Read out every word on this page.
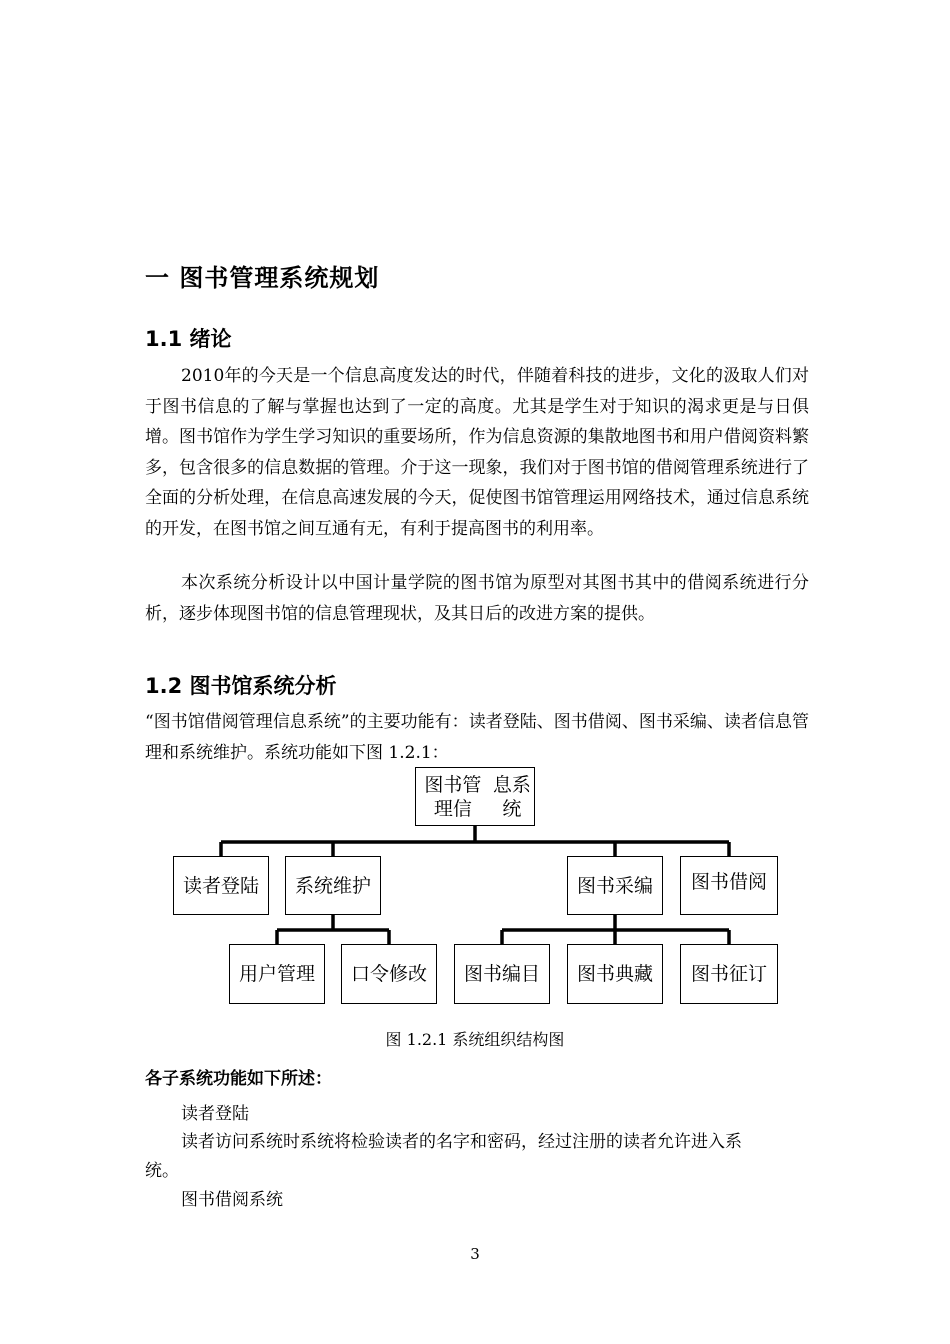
一 图书管理系统规划
1.1 绪论

2010年的今天是一个信息高度发达的时代，伴随着科技的进步，文化的汲取人们对于图书信息的了解与掌握也达到了一定的高度。尤其是学生对于知识的渴求更是与日俱增。图书馆作为学生学习知识的重要场所，作为信息资源的集散地图书和用户借阅资料繁多，包含很多的信息数据的管理。介于这一现象，我们对于图书馆的借阅管理系统进行了全面的分析处理，在信息高速发展的今天，促使图书馆管理运用网络技术，通过信息系统的开发，在图书馆之间互通有无，有利于提高图书的利用率。

本次系统分析设计以中国计量学院的图书馆为原型对其图书其中的借阅系统进行分析，逐步体现图书馆的信息管理现状，及其日后的改进方案的提供。

1.2 图书馆系统分析

“图书馆借阅管理信息系统”的主要功能有：读者登陆、图书借阅、图书采编、读者信息管理和系统维护。系统功能如下图 1.2.1：

图书管理信

息系统
读者登陆	系统维护	图书采编	图书借阅
用户管理	口令修改	图书编目	图书典藏	图书征订
图 1.2.1 系统组织结构图
各子系统功能如下所述：
读者登陆
读者访问系统时系统将检验读者的名字和密码，经过注册的读者允许进入系
统。
图书借阅系统
3
